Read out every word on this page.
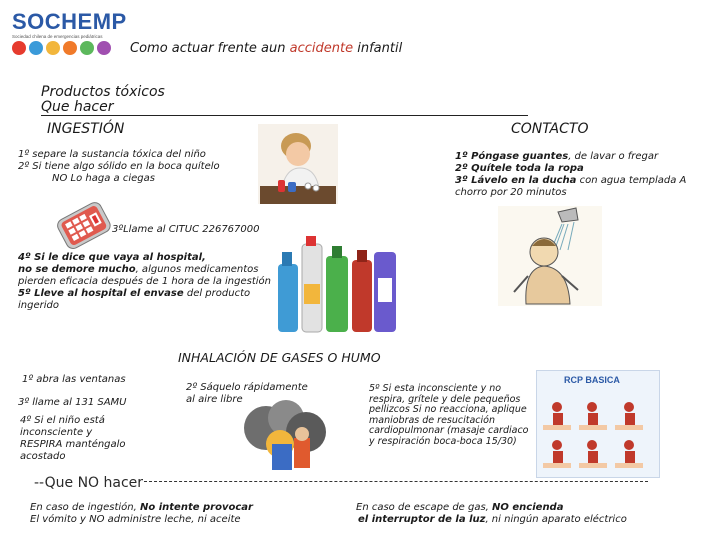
SOCHEMP
Sociedad chilena de emergencias pediátricas
Como actuar frente aun accidente infantil
Productos tóxicos
Que hacer
INGESTIÓN	CONTACTO
1º separe la sustancia tóxica del niño
2º Si tiene algo sólido en la boca quítelo
NO Lo haga a ciegas
1º Póngase guantes, de lavar o fregar
2º Quítele toda la ropa
3º Lávelo en la ducha con agua templada A chorro por 20 minutos
3ºLlame al CITUC 226767000
4º Si le dice que vaya al hospital,
no se demore mucho, algunos medicamentos pierden eficacia después de 1 hora de la ingestión
5º Lleve al hospital el envase del producto ingerido
INHALACIÓN DE GASES O HUMO
1º abra las ventanas
3º llame al 131 SAMU
4º Si el niño está inconsciente y RESPIRA manténgalo acostado
2º Sáquelo rápidamente al aire libre
5º Si esta inconsciente y no respira, grítele y dele pequeños pellizcos Si no reacciona, aplique maniobras de resucitación cardiopulmonar (masaje cardiaco y respiración boca-boca 15/30)
RCP BASICA
--Que NO hacer
En caso de ingestión, No intente provocar
El vómito y NO administre leche, ni aceite
En caso de escape de gas, NO encienda
el interruptor de la luz, ni ningún aparato eléctrico
